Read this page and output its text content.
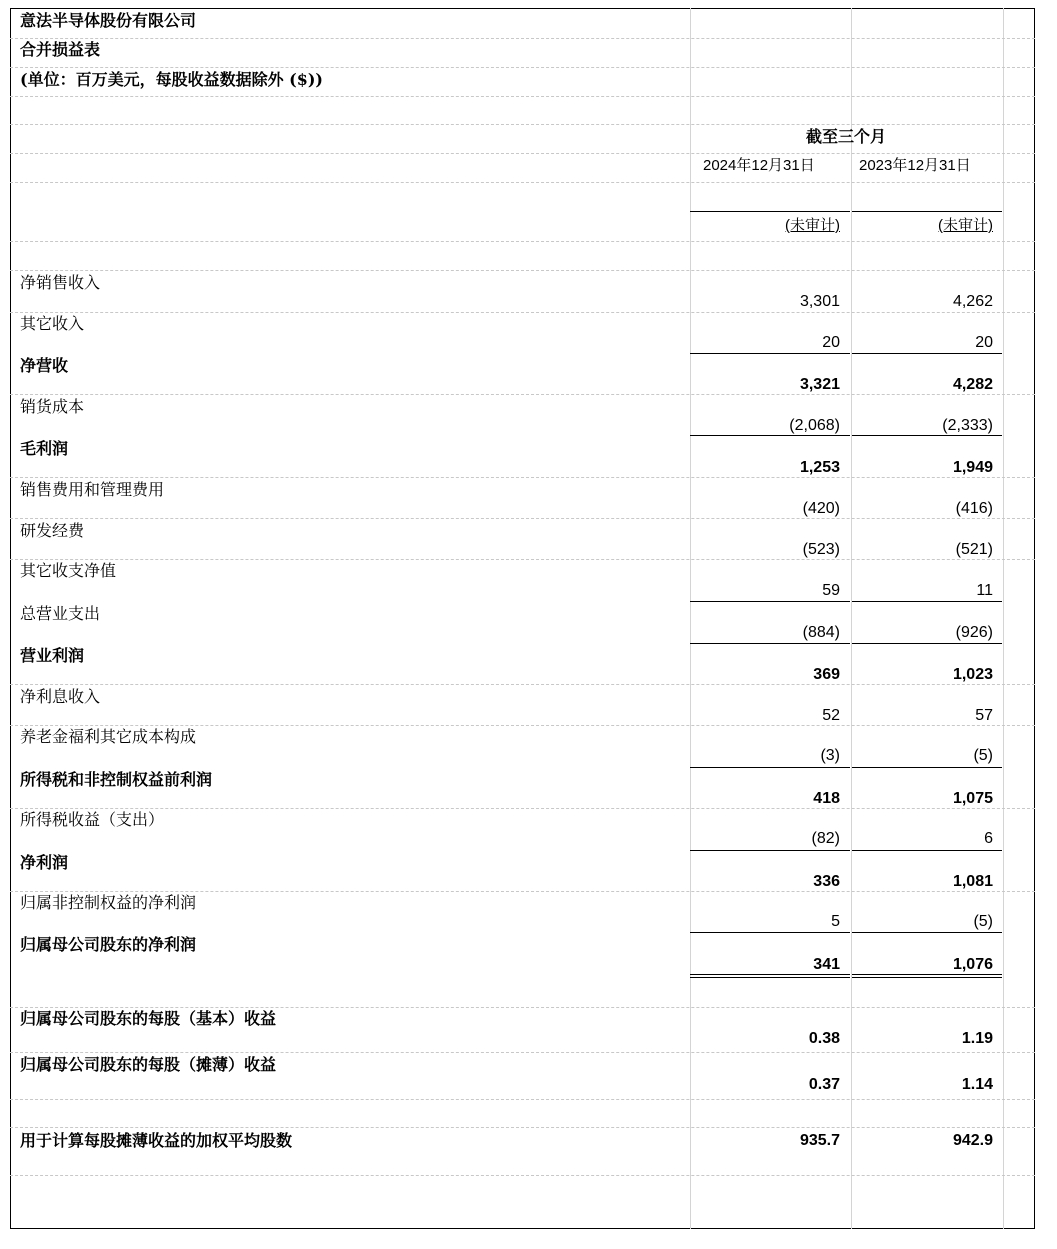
意法半导体股份有限公司
合并损益表
(单位：百万美元，每股收益数据除外 ($))
截至三个月
2024年12月31日	2023年12月31日
(未审计)	(未审计)
净销售收入
3,301	4,262
其它收入
20	20
净营收
3,321	4,282
销货成本
(2,068)	(2,333)
毛利润
1,253	1,949
销售费用和管理费用
(420)	(416)
研发经费
(523)	(521)
其它收支净值
59	11
总营业支出
(884)	(926)
营业利润
369	1,023
净利息收入
52	57
养老金福利其它成本构成
(3)	(5)
所得税和非控制权益前利润
418	1,075
所得税收益（支出）
(82)	6
净利润
336	1,081
归属非控制权益的净利润
5	(5)
归属母公司股东的净利润
341	1,076
归属母公司股东的每股（基本）收益
0.38	1.19
归属母公司股东的每股（摊薄）收益
0.37	1.14
用于计算每股摊薄收益的加权平均股数	935.7	942.9
